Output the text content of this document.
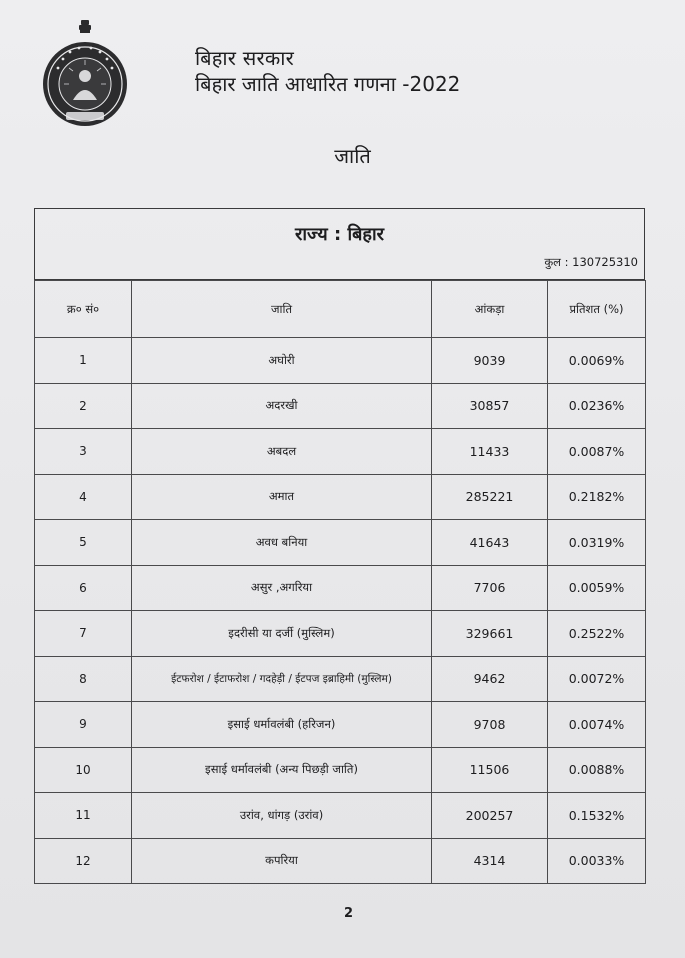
बिहार सरकार
बिहार जाति आधारित गणना -2022
जाति
राज्य : बिहार
कुल : 130725310
क्र० सं०	जाति	आंकड़ा	प्रतिशत (%)
1	अघोरी	9039	0.0069%
2	अदरखी	30857	0.0236%
3	अबदल	11433	0.0087%
4	अमात	285221	0.2182%
5	अवध बनिया	41643	0.0319%
6	असुर ,अगरिया	7706	0.0059%
7	इदरीसी या दर्जी (मुस्लिम)	329661	0.2522%
8	ईटफरोश / ईटाफरोश / गदहेड़ी / ईटपज इब्राहिमी (मुस्लिम)	9462	0.0072%
9	इसाई धर्मावलंबी (हरिजन)	9708	0.0074%
10	इसाई धर्मावलंबी (अन्य पिछड़ी जाति)	11506	0.0088%
11	उरांव, धांगड़ (उरांव)	200257	0.1532%
12	कपरिया	4314	0.0033%
2
